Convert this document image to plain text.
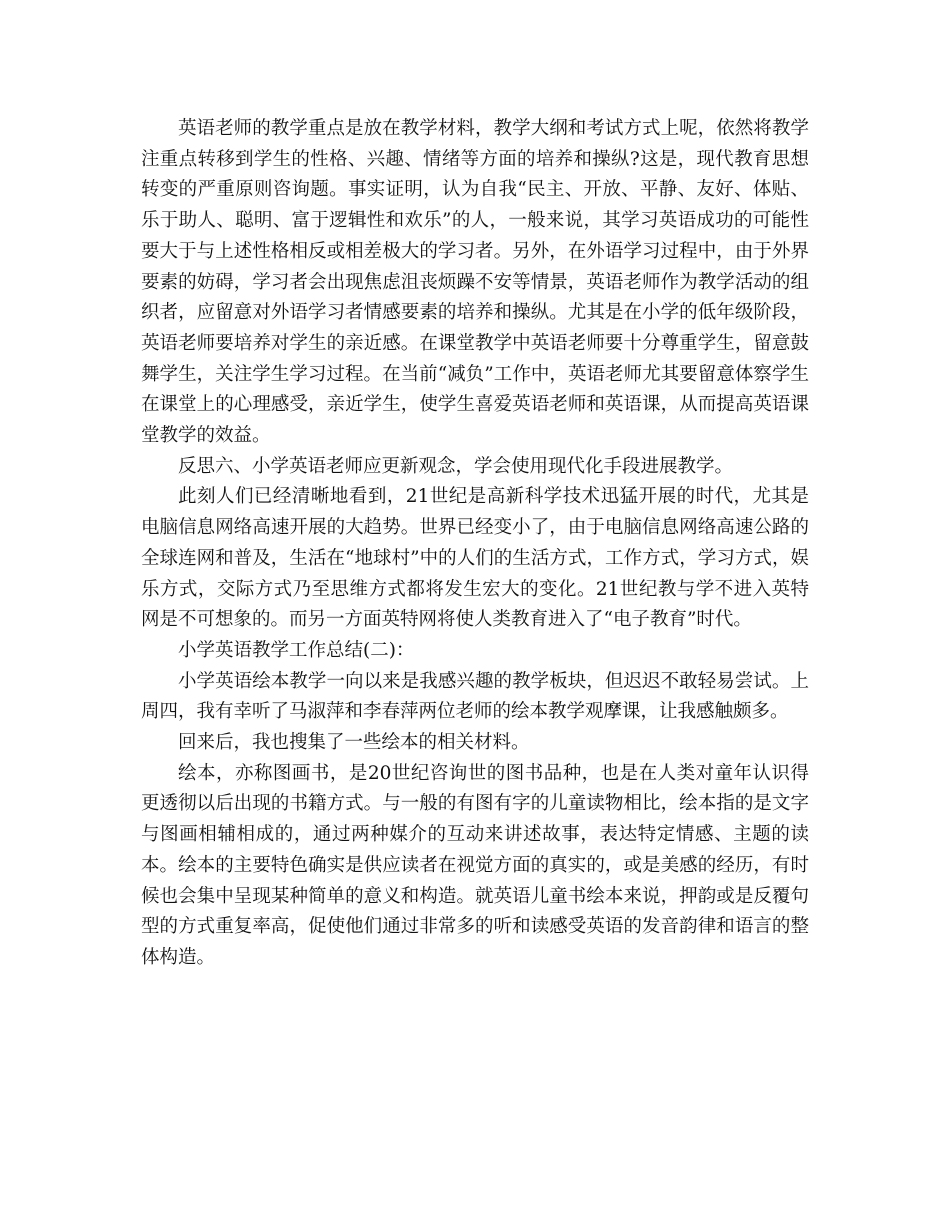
英语老师的教学重点是放在教学材料，教学大纲和考试方式上呢，依然将教学注重点转移到学生的性格、兴趣、情绪等方面的培养和操纵?这是，现代教育思想转变的严重原则咨询题。事实证明，认为自我“民主、开放、平静、友好、体贴、乐于助人、聪明、富于逻辑性和欢乐”的人，一般来说，其学习英语成功的可能性要大于与上述性格相反或相差极大的学习者。另外，在外语学习过程中，由于外界要素的妨碍，学习者会出现焦虑沮丧烦躁不安等情景，英语老师作为教学活动的组织者，应留意对外语学习者情感要素的培养和操纵。尤其是在小学的低年级阶段，英语老师要培养对学生的亲近感。在课堂教学中英语老师要十分尊重学生，留意鼓舞学生，关注学生学习过程。在当前“减负”工作中，英语老师尤其要留意体察学生在课堂上的心理感受，亲近学生，使学生喜爱英语老师和英语课，从而提高英语课堂教学的效益。

反思六、小学英语老师应更新观念，学会使用现代化手段进展教学。

此刻人们已经清晰地看到，21世纪是高新科学技术迅猛开展的时代，尤其是电脑信息网络高速开展的大趋势。世界已经变小了，由于电脑信息网络高速公路的全球连网和普及，生活在“地球村”中的人们的生活方式，工作方式，学习方式，娱乐方式，交际方式乃至思维方式都将发生宏大的变化。21世纪教与学不进入英特网是不可想象的。而另一方面英特网将使人类教育进入了“电子教育”时代。

小学英语教学工作总结(二)：

小学英语绘本教学一向以来是我感兴趣的教学板块，但迟迟不敢轻易尝试。上周四，我有幸听了马淑萍和李春萍两位老师的绘本教学观摩课，让我感触颇多。

回来后，我也搜集了一些绘本的相关材料。

绘本，亦称图画书，是20世纪咨询世的图书品种，也是在人类对童年认识得更透彻以后出现的书籍方式。与一般的有图有字的儿童读物相比，绘本指的是文字与图画相辅相成的，通过两种媒介的互动来讲述故事，表达特定情感、主题的读本。绘本的主要特色确实是供应读者在视觉方面的真实的，或是美感的经历，有时候也会集中呈现某种简单的意义和构造。就英语儿童书绘本来说，押韵或是反覆句型的方式重复率高，促使他们通过非常多的听和读感受英语的发音韵律和语言的整体构造。
